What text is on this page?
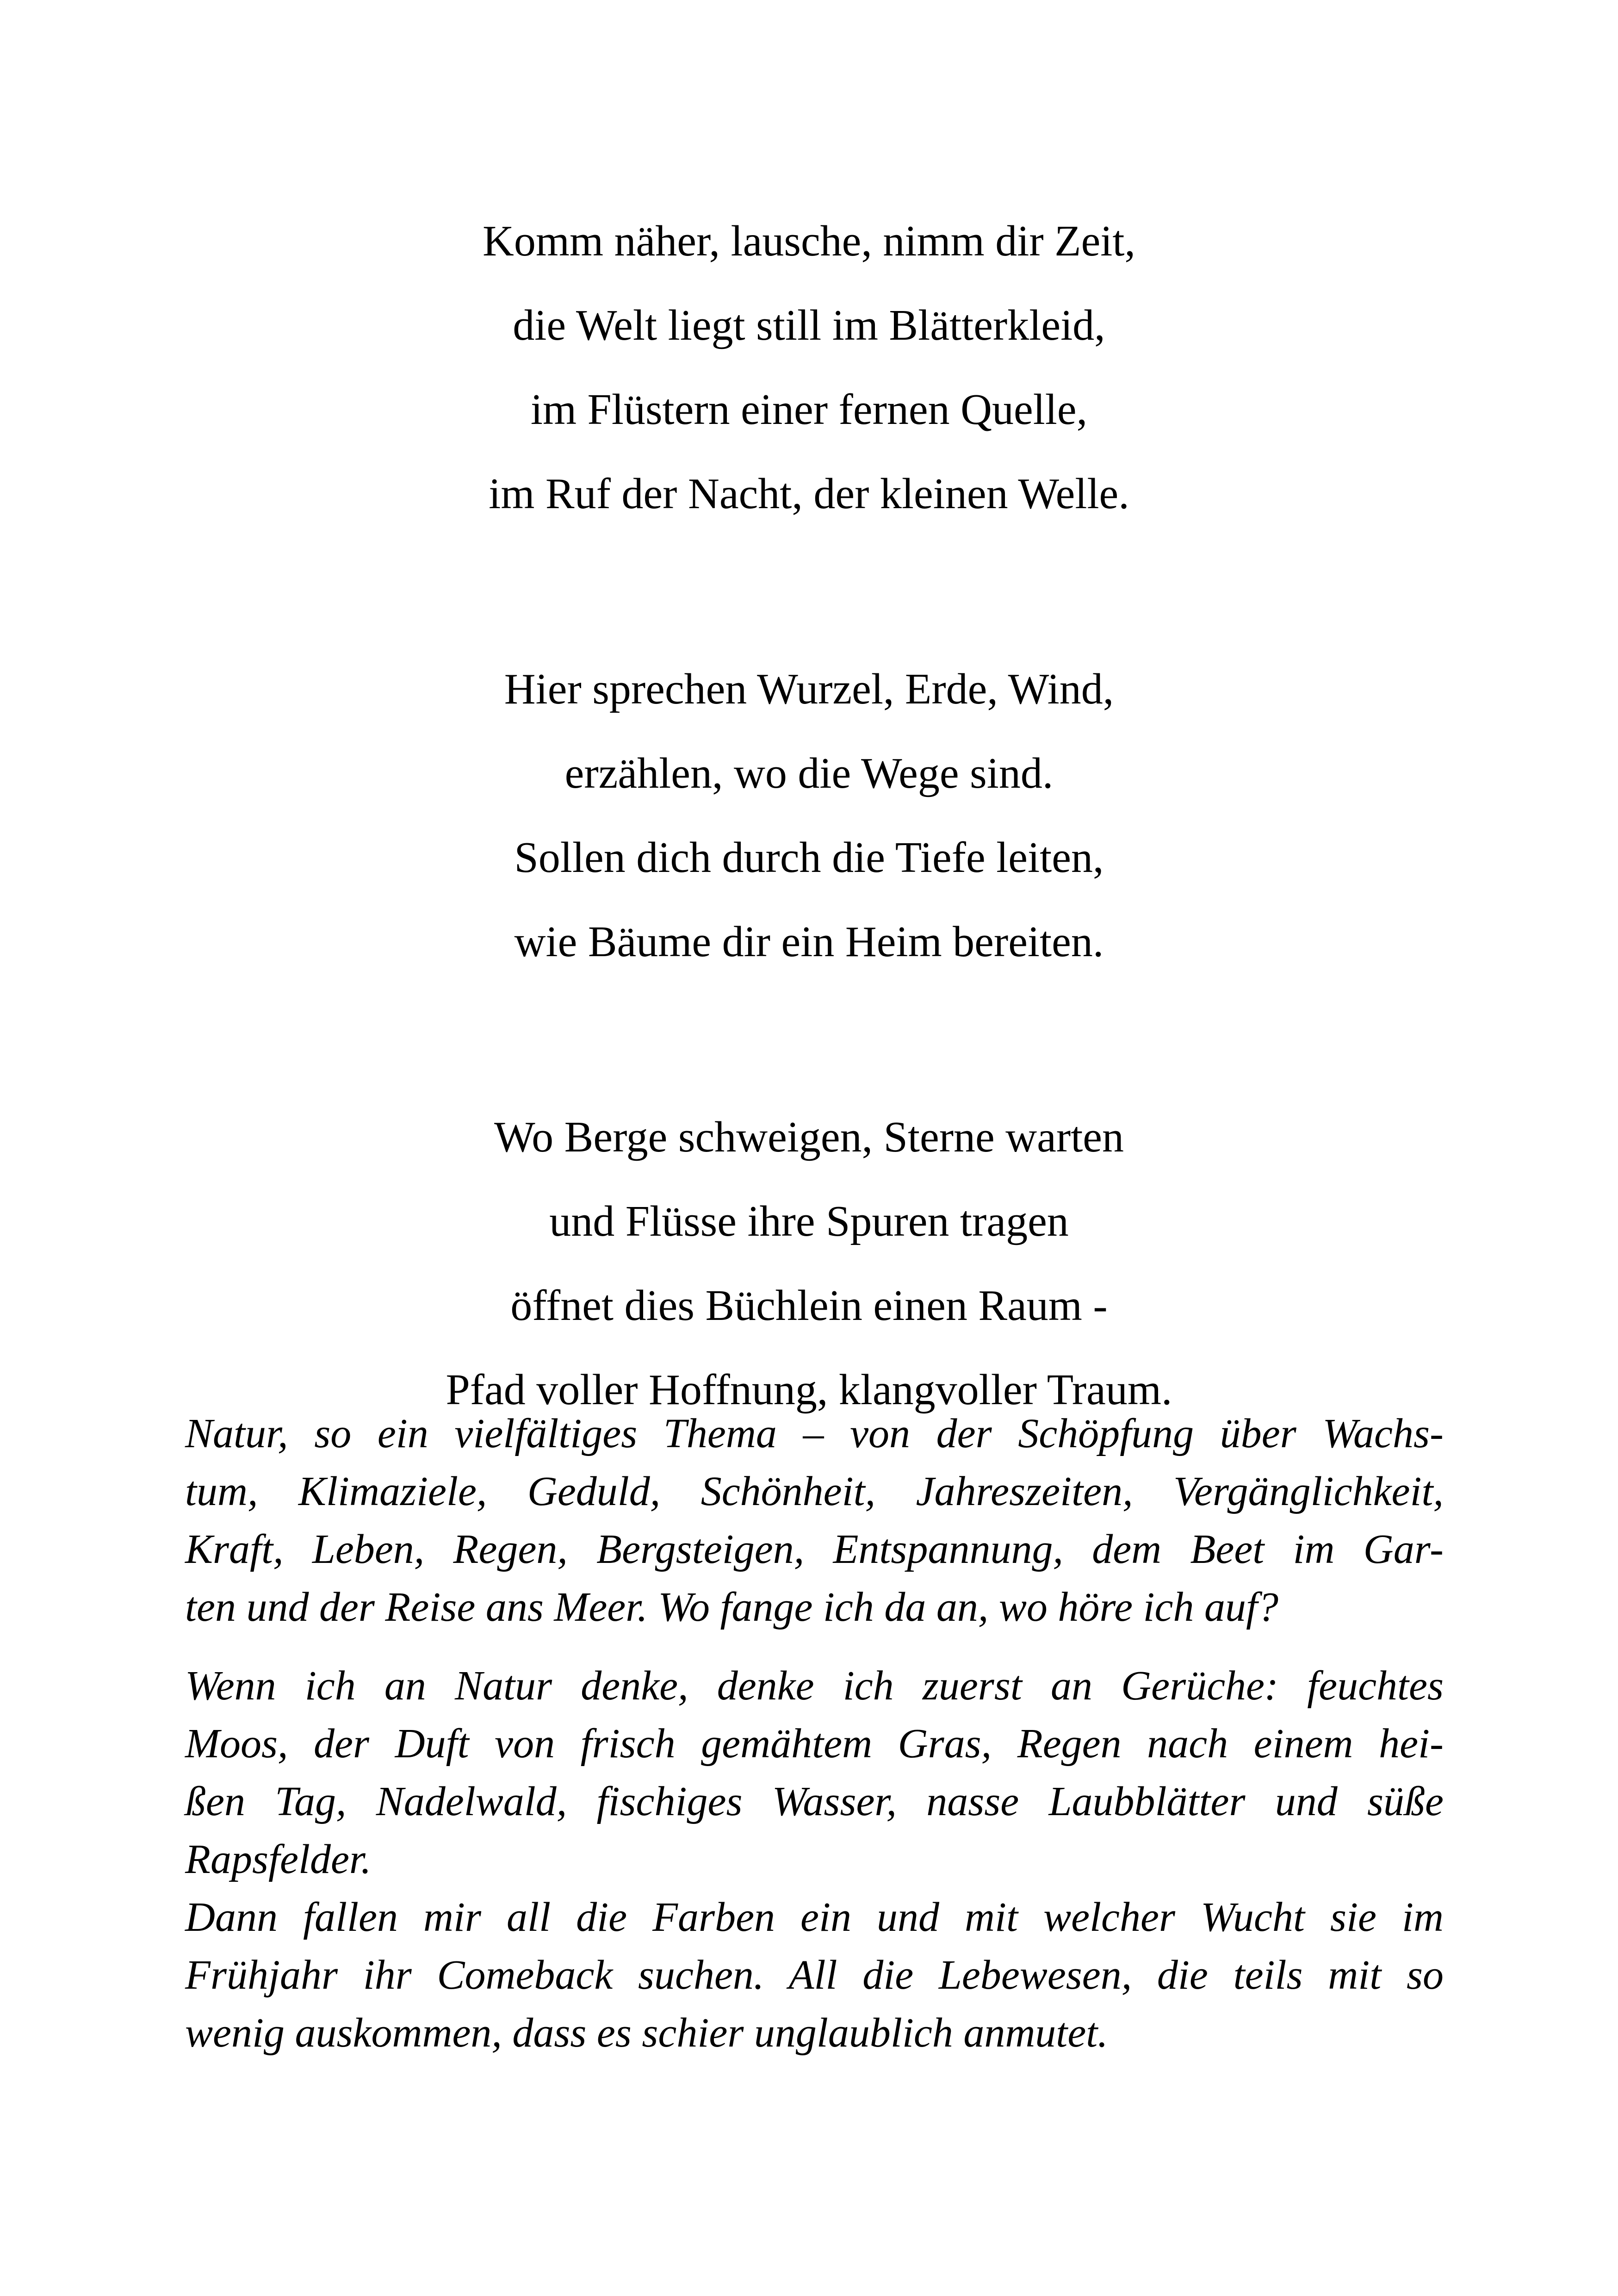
Komm näher, lausche, nimm dir Zeit,
die Welt liegt still im Blätterkleid,
im Flüstern einer fernen Quelle,
im Ruf der Nacht, der kleinen Welle.
Hier sprechen Wurzel, Erde, Wind,
erzählen, wo die Wege sind.
Sollen dich durch die Tiefe leiten,
wie Bäume dir ein Heim bereiten.
Wo Berge schweigen, Sterne warten
und Flüsse ihre Spuren tragen
öffnet dies Büchlein einen Raum -
Pfad voller Hoffnung, klangvoller Traum.
Natur, so ein vielfältiges Thema – von der Schöpfung über Wachs-
tum, Klimaziele, Geduld, Schönheit, Jahreszeiten, Vergänglichkeit,
Kraft, Leben, Regen, Bergsteigen, Entspannung, dem Beet im Gar-
ten und der Reise ans Meer. Wo fange ich da an, wo höre ich auf?
Wenn ich an Natur denke, denke ich zuerst an Gerüche: feuchtes
Moos, der Duft von frisch gemähtem Gras, Regen nach einem hei-
ßen Tag, Nadelwald, fischiges Wasser, nasse Laubblätter und süße
Rapsfelder.
Dann fallen mir all die Farben ein und mit welcher Wucht sie im
Frühjahr ihr Comeback suchen. All die Lebewesen, die teils mit so
wenig auskommen, dass es schier unglaublich anmutet.
